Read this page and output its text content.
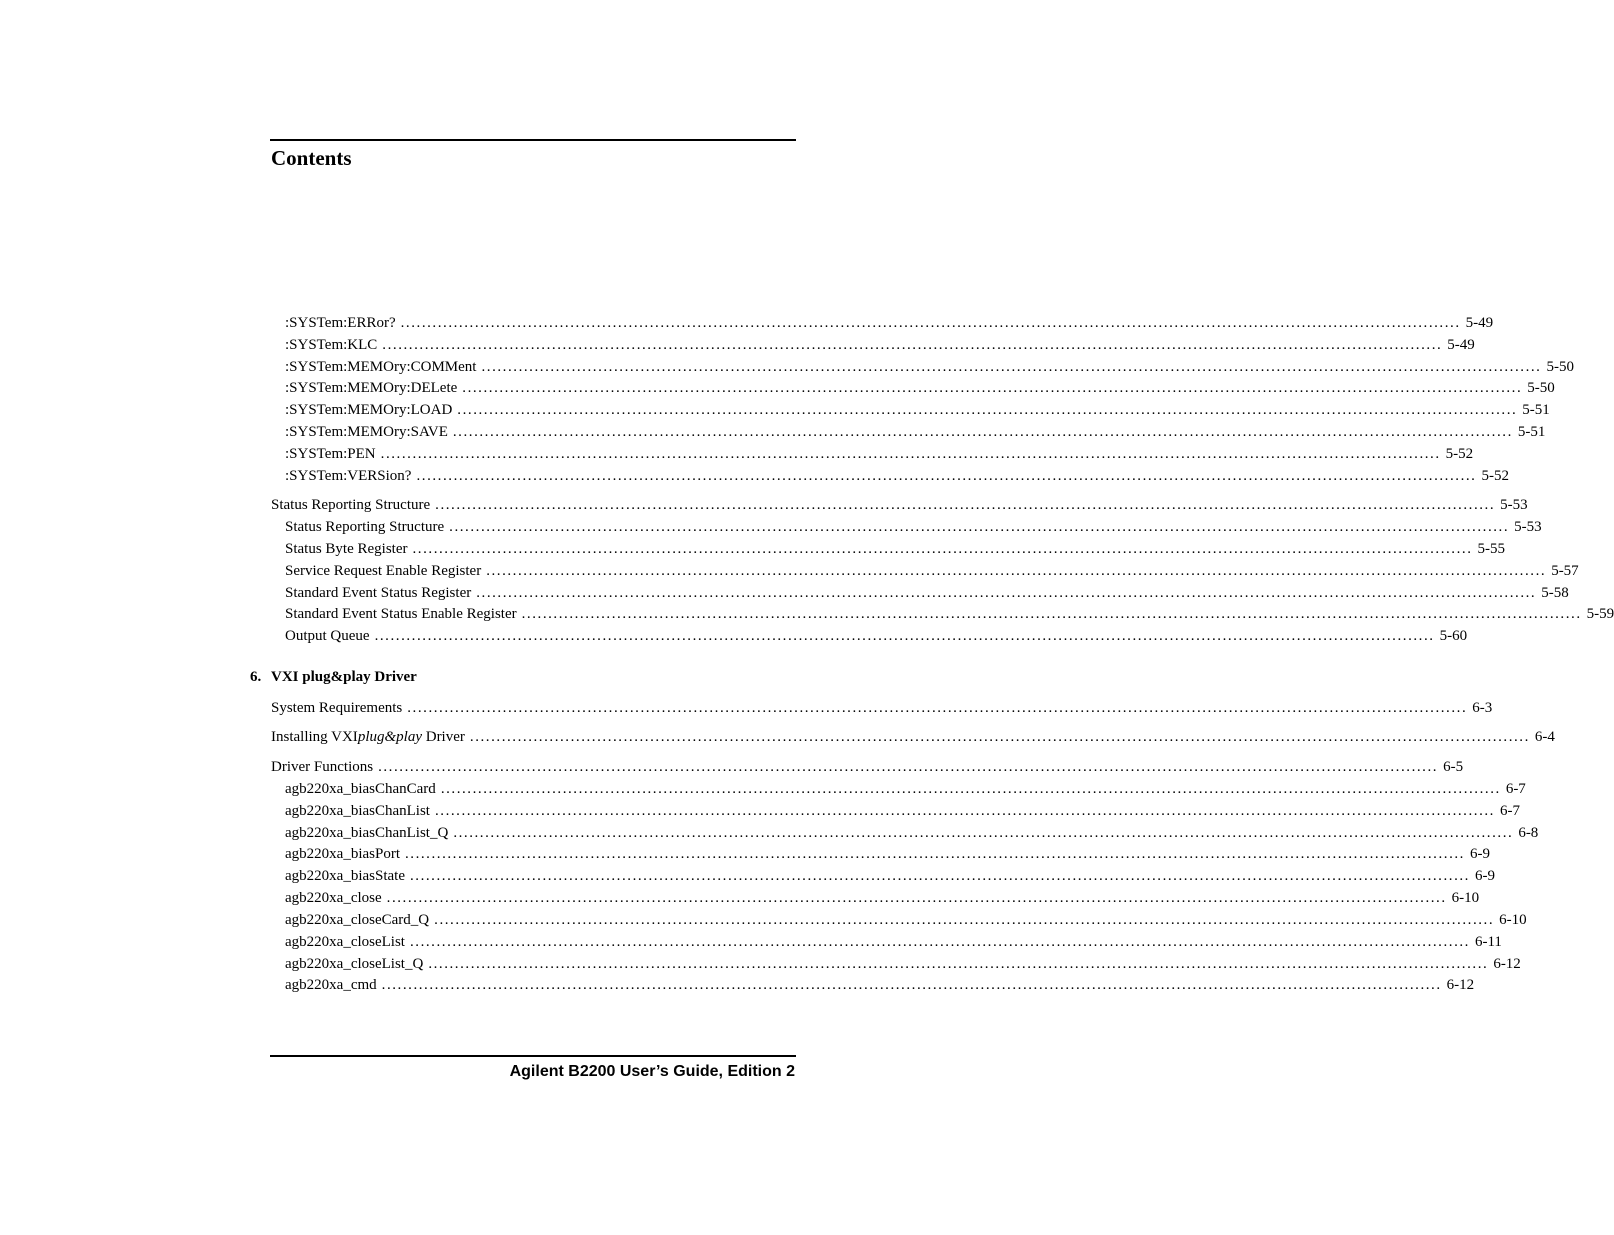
Contents
:SYSTem:ERRor? ........................................................................................................................................................................................................ 5-49
:SYSTem:KLC ........................................................................................................................................................................................................ 5-49
:SYSTem:MEMOry:COMMent ........................................................................................................................................................................................................ 5-50
:SYSTem:MEMOry:DELete ........................................................................................................................................................................................................ 5-50
:SYSTem:MEMOry:LOAD ........................................................................................................................................................................................................ 5-51
:SYSTem:MEMOry:SAVE ........................................................................................................................................................................................................ 5-51
:SYSTem:PEN ........................................................................................................................................................................................................ 5-52
:SYSTem:VERSion? ........................................................................................................................................................................................................ 5-52
Status Reporting Structure ........................................................................................................................................................................................................ 5-53
Status Reporting Structure ........................................................................................................................................................................................................ 5-53
Status Byte Register ........................................................................................................................................................................................................ 5-55
Service Request Enable Register ........................................................................................................................................................................................................ 5-57
Standard Event Status Register ........................................................................................................................................................................................................ 5-58
Standard Event Status Enable Register ........................................................................................................................................................................................................ 5-59
Output Queue ........................................................................................................................................................................................................ 5-60
6. VXI plug&play Driver
System Requirements ........................................................................................................................................................................................................ 6-3
Installing VXIplug&play Driver ........................................................................................................................................................................................................ 6-4
Driver Functions ........................................................................................................................................................................................................ 6-5
agb220xa_biasChanCard ........................................................................................................................................................................................................ 6-7
agb220xa_biasChanList ........................................................................................................................................................................................................ 6-7
agb220xa_biasChanList_Q ........................................................................................................................................................................................................ 6-8
agb220xa_biasPort ........................................................................................................................................................................................................ 6-9
agb220xa_biasState ........................................................................................................................................................................................................ 6-9
agb220xa_close ........................................................................................................................................................................................................ 6-10
agb220xa_closeCard_Q ........................................................................................................................................................................................................ 6-10
agb220xa_closeList ........................................................................................................................................................................................................ 6-11
agb220xa_closeList_Q ........................................................................................................................................................................................................ 6-12
agb220xa_cmd ........................................................................................................................................................................................................ 6-12
Agilent B2200 User’s Guide, Edition 2
